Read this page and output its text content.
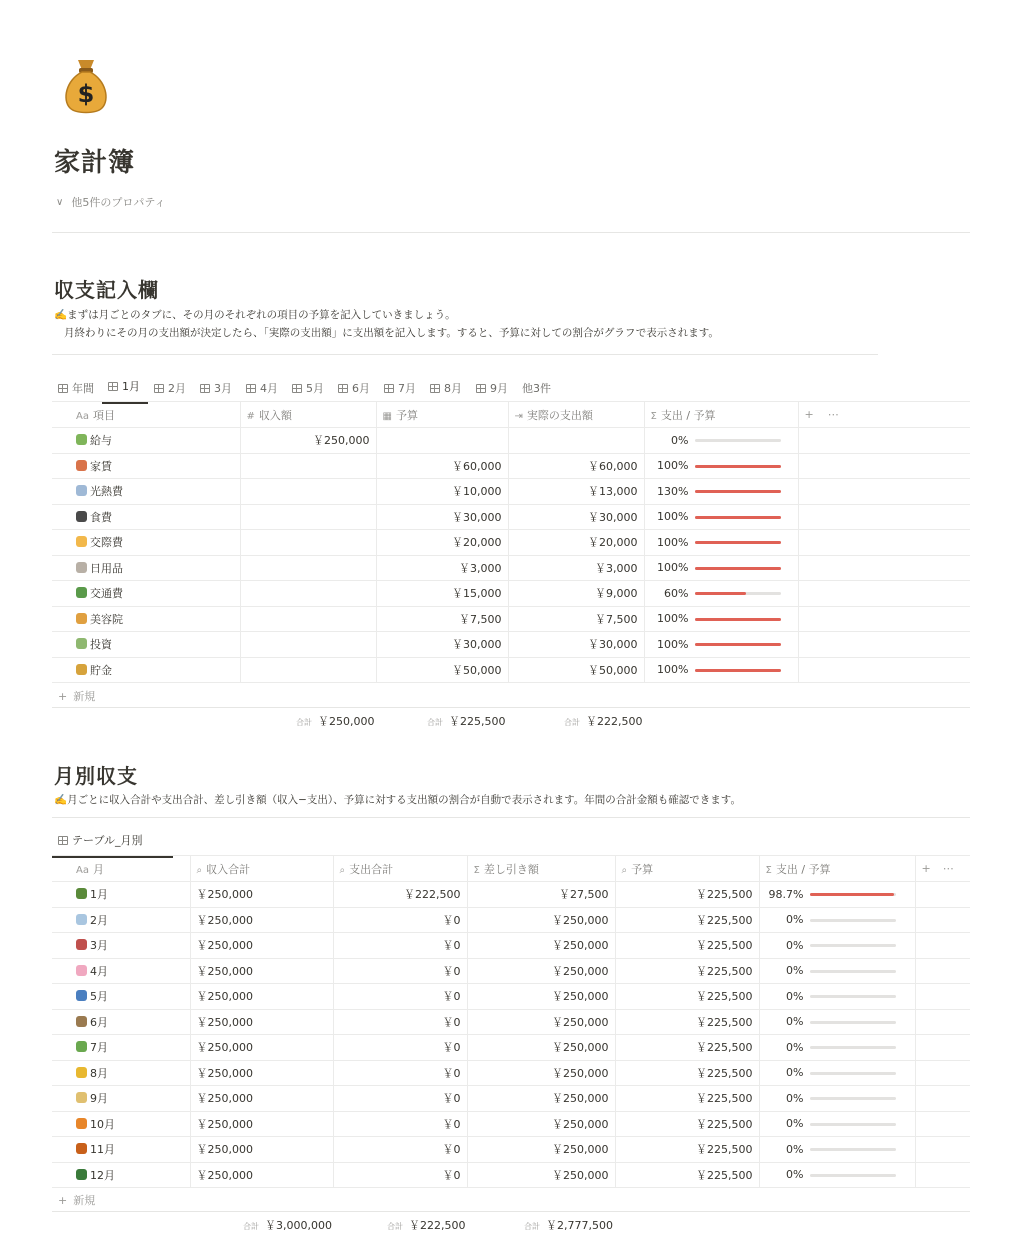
$
家計簿
∨ 他5件のプロパティ
収支記入欄
✍️まずは月ごとのタブに、その月のそれぞれの項目の予算を記入していきましょう。
月終わりにその月の支出額が決定したら、「実際の支出額」に支出額を記入します。すると、予算に対しての割合がグラフで表示されます。
年間	1月	2月	3月	4月	5月	6月	7月	8月	9月 他3件
Aa 項目	# 収入額	▦ 予算	⇥ 実際の支出額	Σ 支出 / 予算	+ ⋯
給与	￥250,000			0%

家賃		￥60,000	￥60,000	100%

光熱費		￥10,000	￥13,000	130%

食費		￥30,000	￥30,000	100%

交際費		￥20,000	￥20,000	100%

日用品		￥3,000	￥3,000	100%

交通費		￥15,000	￥9,000	60%

美容院		￥7,500	￥7,500	100%

投資		￥30,000	￥30,000	100%

貯金		￥50,000	￥50,000	100%

+ 新規
合計 ￥250,000	合計 ￥225,500	合計 ￥222,500
月別収支
✍️月ごとに収入合計や支出合計、差し引き額（収入−支出）、予算に対する支出額の割合が自動で表示されます。年間の合計金額も確認できます。
テーブル_月別
Aa 月	⌕ 収入合計	⌕ 支出合計	Σ 差し引き額	⌕ 予算	Σ 支出 / 予算	+ ⋯
1月	￥250,000	￥222,500	￥27,500	￥225,500	98.7%

2月	￥250,000	￥0	￥250,000	￥225,500	0%

3月	￥250,000	￥0	￥250,000	￥225,500	0%

4月	￥250,000	￥0	￥250,000	￥225,500	0%

5月	￥250,000	￥0	￥250,000	￥225,500	0%

6月	￥250,000	￥0	￥250,000	￥225,500	0%

7月	￥250,000	￥0	￥250,000	￥225,500	0%

8月	￥250,000	￥0	￥250,000	￥225,500	0%

9月	￥250,000	￥0	￥250,000	￥225,500	0%

10月	￥250,000	￥0	￥250,000	￥225,500	0%

11月	￥250,000	￥0	￥250,000	￥225,500	0%

12月	￥250,000	￥0	￥250,000	￥225,500	0%

+ 新規
合計 ￥3,000,000	合計 ￥222,500	合計 ￥2,777,500
